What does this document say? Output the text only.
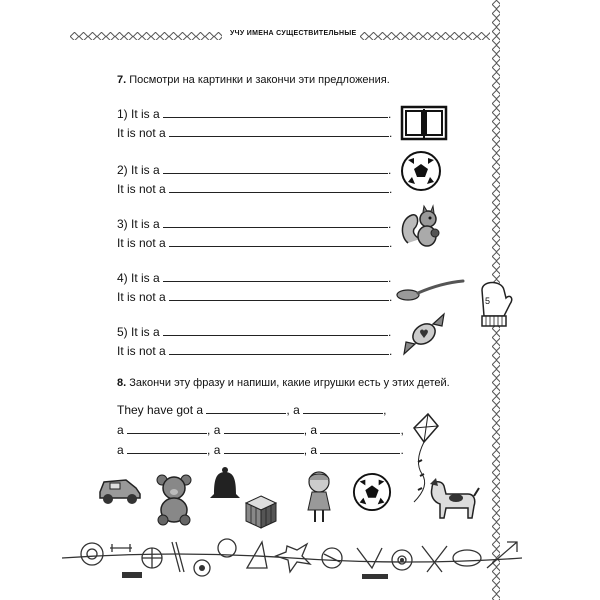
УЧУ ИМЕНА СУЩЕСТВИТЕЛЬНЫЕ
7. Посмотри на картинки и закончи эти предложения.
1) It is a	.
It is not a	.
2) It is a	.
It is not a	.
3) It is a	.
It is not a	.
4) It is a	.
It is not a	.
5) It is a	.
It is not a	.
8. Закончи эту фразу и напиши, какие игрушки есть у этих детей.
They have got a	, a	,
a	, a	, a	,
a	, a	, a	.
5
